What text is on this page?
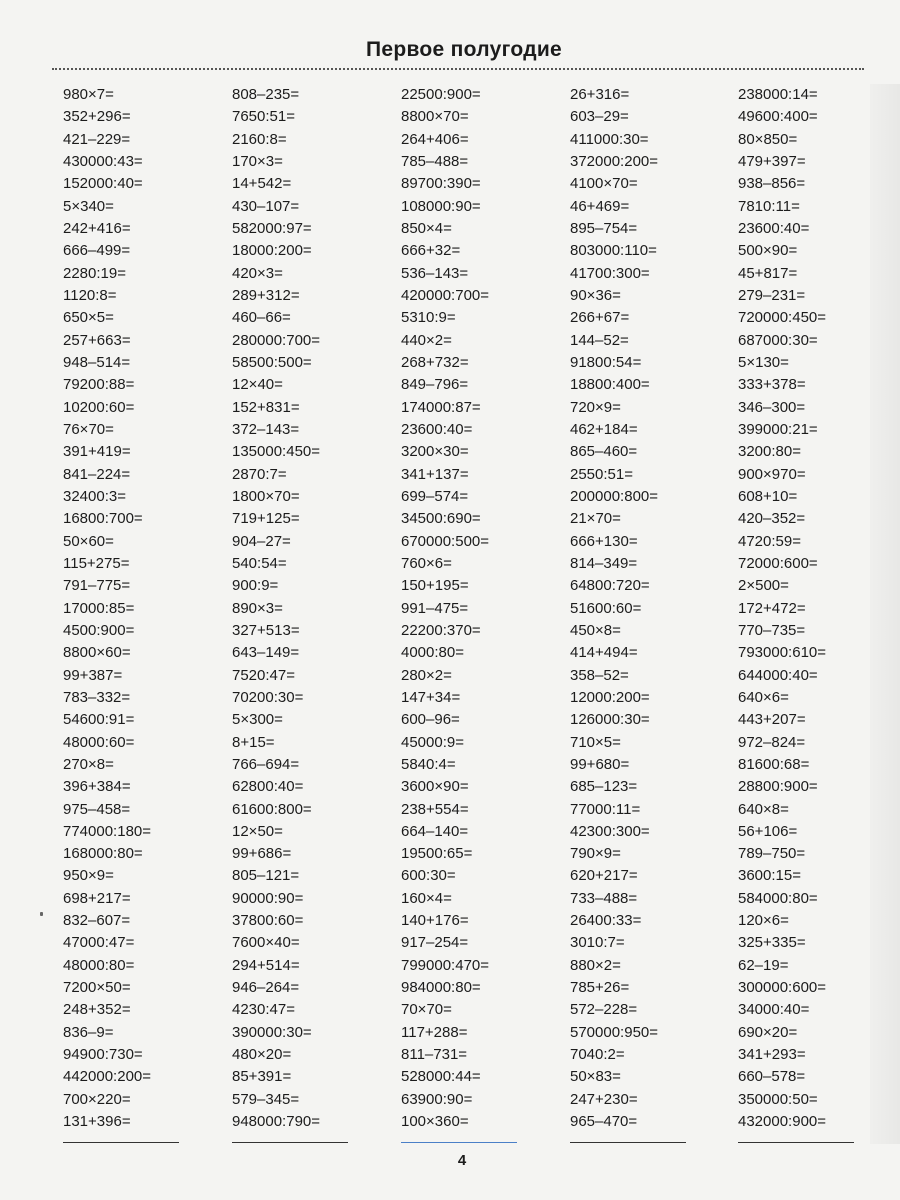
Первое полугодие
980×7=
352+296=
421–229=
430000:43=
152000:40=
5×340=
242+416=
666–499=
2280:19=
1120:8=
650×5=
257+663=
948–514=
79200:88=
10200:60=
76×70=
391+419=
841–224=
32400:3=
16800:700=
50×60=
115+275=
791–775=
17000:85=
4500:900=
8800×60=
99+387=
783–332=
54600:91=
48000:60=
270×8=
396+384=
975–458=
774000:180=
168000:80=
950×9=
698+217=
832–607=
47000:47=
48000:80=
7200×50=
248+352=
836–9=
94900:730=
442000:200=
700×220=
131+396=
808–235=
7650:51=
2160:8=
170×3=
14+542=
430–107=
582000:97=
18000:200=
420×3=
289+312=
460–66=
280000:700=
58500:500=
12×40=
152+831=
372–143=
135000:450=
2870:7=
1800×70=
719+125=
904–27=
540:54=
900:9=
890×3=
327+513=
643–149=
7520:47=
70200:30=
5×300=
8+15=
766–694=
62800:40=
61600:800=
12×50=
99+686=
805–121=
90000:90=
37800:60=
7600×40=
294+514=
946–264=
4230:47=
390000:30=
480×20=
85+391=
579–345=
948000:790=
22500:900=
8800×70=
264+406=
785–488=
89700:390=
108000:90=
850×4=
666+32=
536–143=
420000:700=
5310:9=
440×2=
268+732=
849–796=
174000:87=
23600:40=
3200×30=
341+137=
699–574=
34500:690=
670000:500=
760×6=
150+195=
991–475=
22200:370=
4000:80=
280×2=
147+34=
600–96=
45000:9=
5840:4=
3600×90=
238+554=
664–140=
19500:65=
600:30=
160×4=
140+176=
917–254=
799000:470=
984000:80=
70×70=
117+288=
811–731=
528000:44=
63900:90=
100×360=
26+316=
603–29=
411000:30=
372000:200=
4100×70=
46+469=
895–754=
803000:110=
41700:300=
90×36=
266+67=
144–52=
91800:54=
18800:400=
720×9=
462+184=
865–460=
2550:51=
200000:800=
21×70=
666+130=
814–349=
64800:720=
51600:60=
450×8=
414+494=
358–52=
12000:200=
126000:30=
710×5=
99+680=
685–123=
77000:11=
42300:300=
790×9=
620+217=
733–488=
26400:33=
3010:7=
880×2=
785+26=
572–228=
570000:950=
7040:2=
50×83=
247+230=
965–470=
238000:14=
49600:400=
80×850=
479+397=
938–856=
7810:11=
23600:40=
500×90=
45+817=
279–231=
720000:450=
687000:30=
5×130=
333+378=
346–300=
399000:21=
3200:80=
900×970=
608+10=
420–352=
4720:59=
72000:600=
2×500=
172+472=
770–735=
793000:610=
644000:40=
640×6=
443+207=
972–824=
81600:68=
28800:900=
640×8=
56+106=
789–750=
3600:15=
584000:80=
120×6=
325+335=
62–19=
300000:600=
34000:40=
690×20=
341+293=
660–578=
350000:50=
432000:900=
4
